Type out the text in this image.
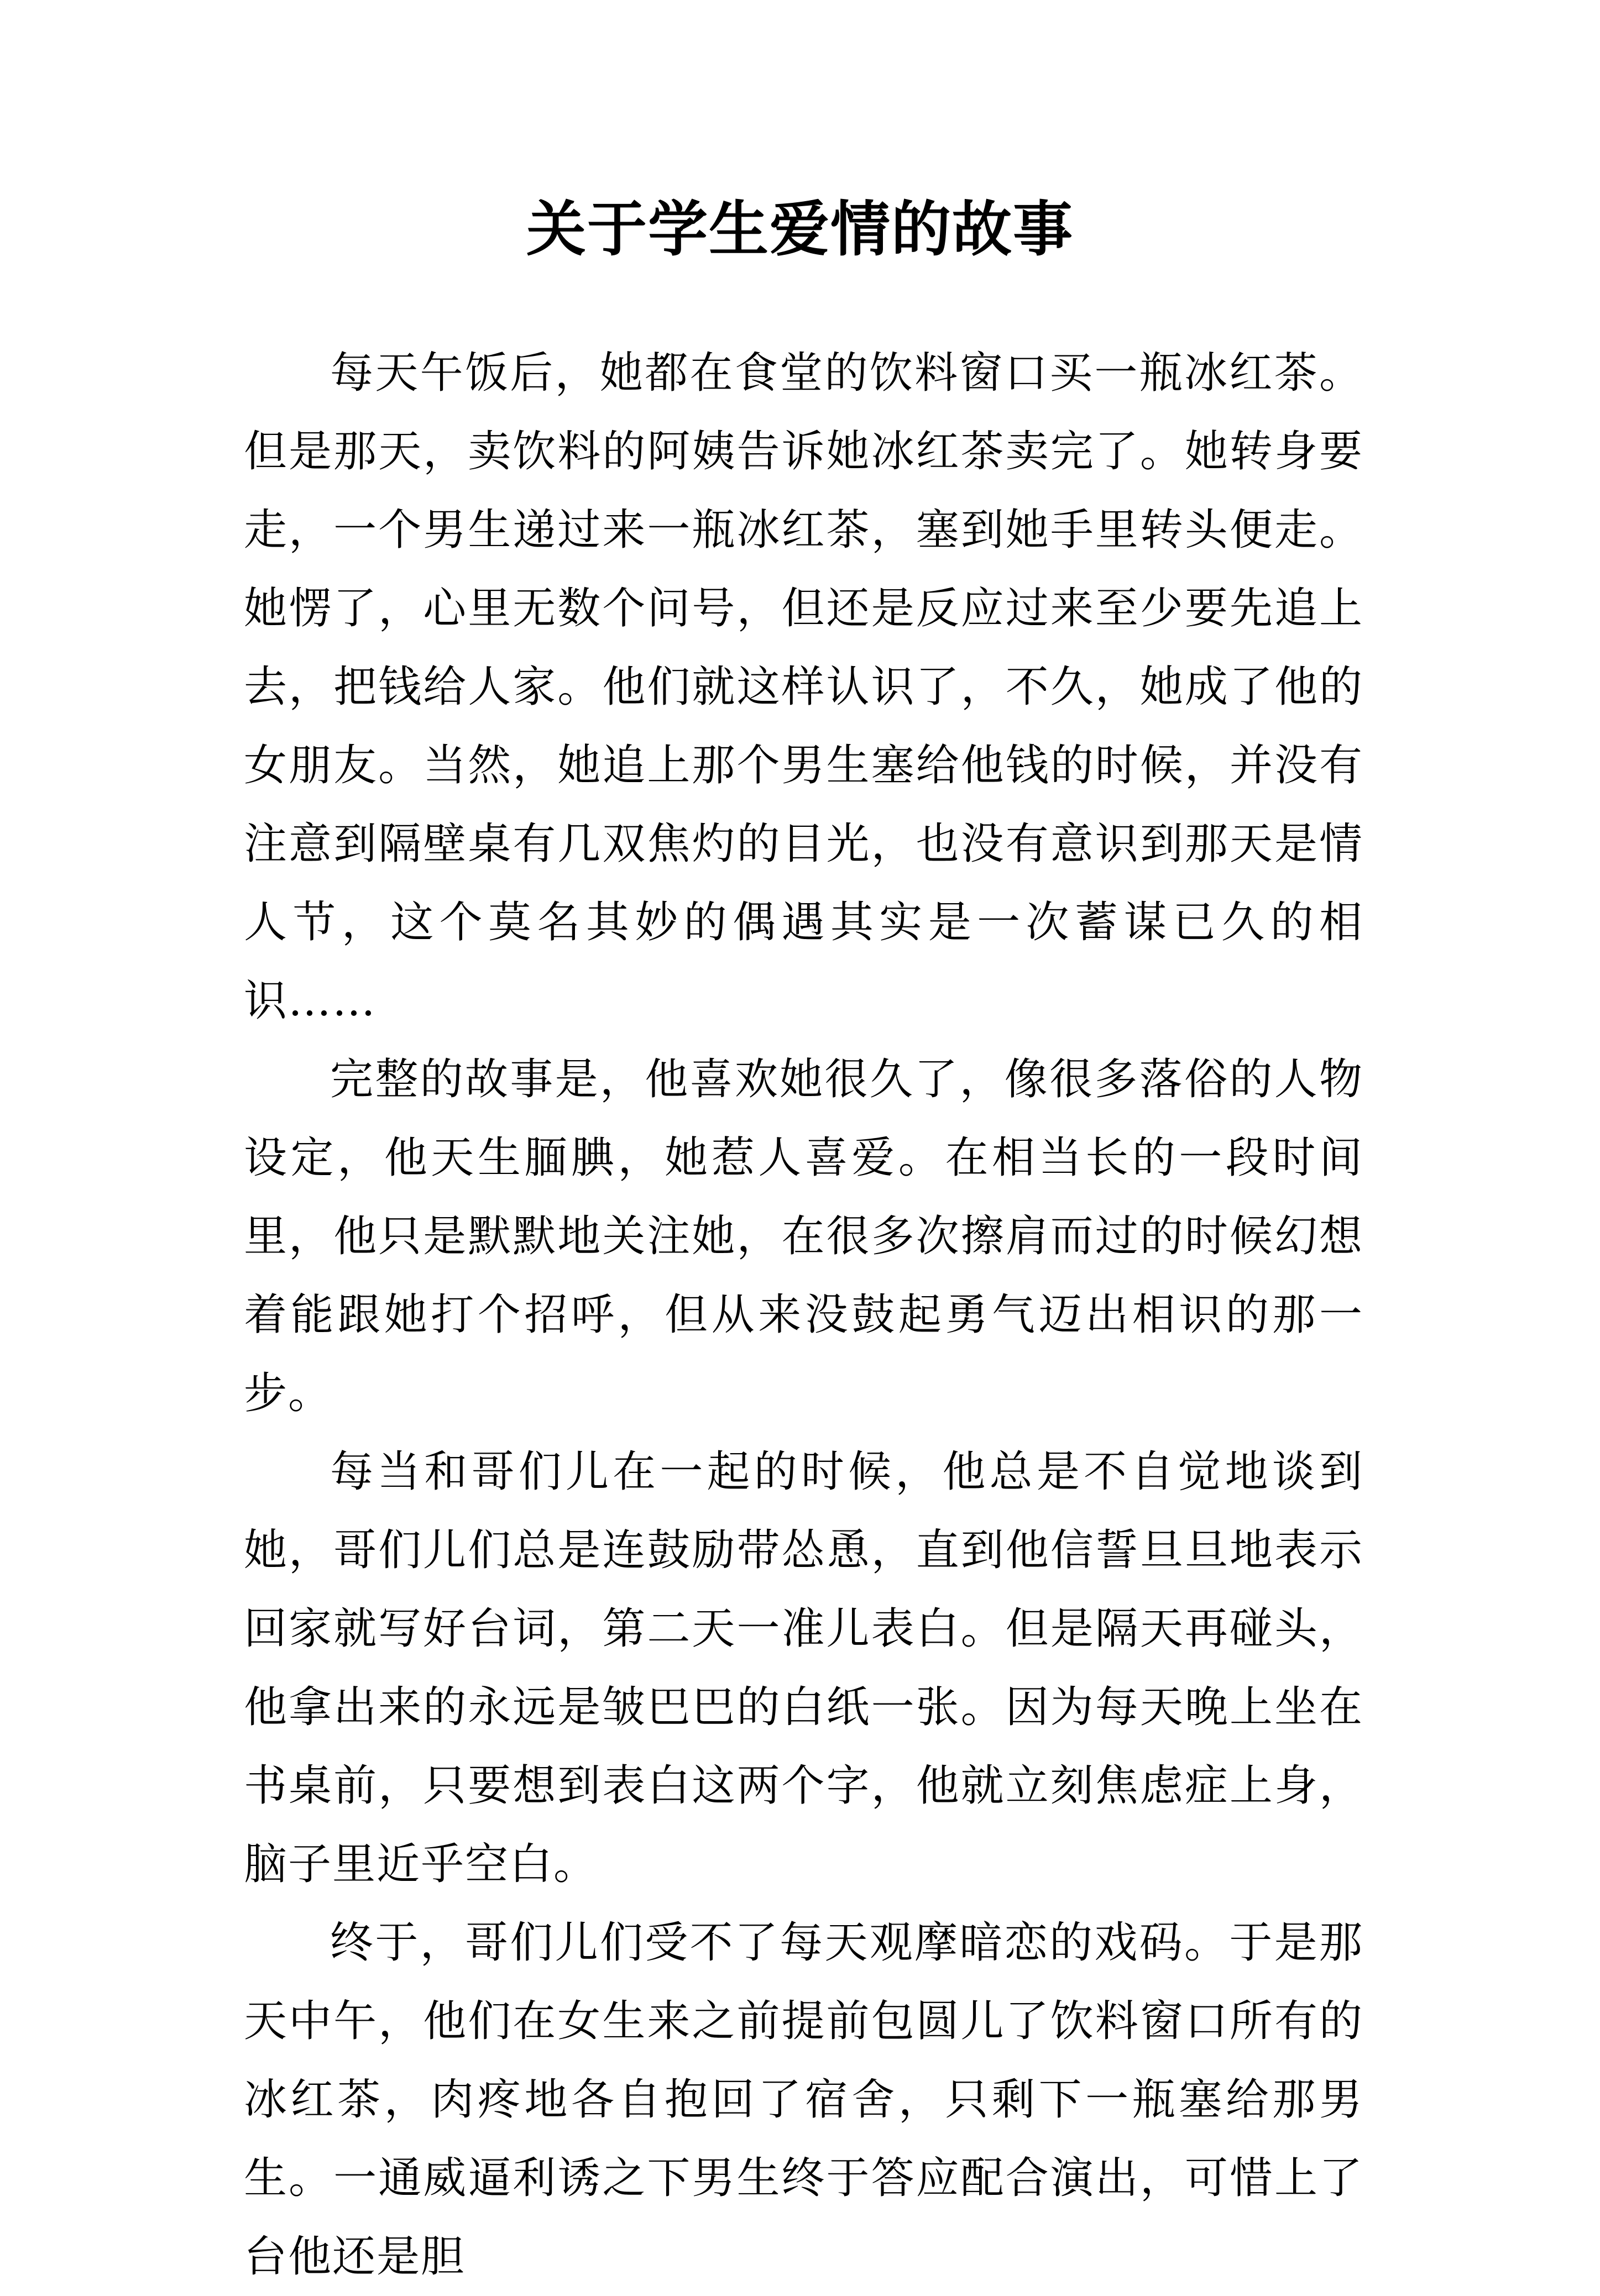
关于学生爱情的故事

每天午饭后，她都在食堂的饮料窗口买一瓶冰红茶。但是那天，卖饮料的阿姨告诉她冰红茶卖完了。她转身要走，一个男生递过来一瓶冰红茶，塞到她手里转头便走。她愣了，心里无数个问号，但还是反应过来至少要先追上去，把钱给人家。他们就这样认识了，不久，她成了他的女朋友。当然，她追上那个男生塞给他钱的时候，并没有注意到隔壁桌有几双焦灼的目光，也没有意识到那天是情人节，这个莫名其妙的偶遇其实是一次蓄谋已久的相识……

完整的故事是，他喜欢她很久了，像很多落俗的人物设定，他天生腼腆，她惹人喜爱。在相当长的一段时间里，他只是默默地关注她，在很多次擦肩而过的时候幻想着能跟她打个招呼，但从来没鼓起勇气迈出相识的那一步。

每当和哥们儿在一起的时候，他总是不自觉地谈到她，哥们儿们总是连鼓励带怂恿，直到他信誓旦旦地表示回家就写好台词，第二天一准儿表白。但是隔天再碰头，他拿出来的永远是皱巴巴的白纸一张。因为每天晚上坐在书桌前，只要想到表白这两个字，他就立刻焦虑症上身，脑子里近乎空白。

终于，哥们儿们受不了每天观摩暗恋的戏码。于是那天中午，他们在女生来之前提前包圆儿了饮料窗口所有的冰红茶，肉疼地各自抱回了宿舍，只剩下一瓶塞给那男生。一通威逼利诱之下男生终于答应配合演出，可惜上了台他还是胆
